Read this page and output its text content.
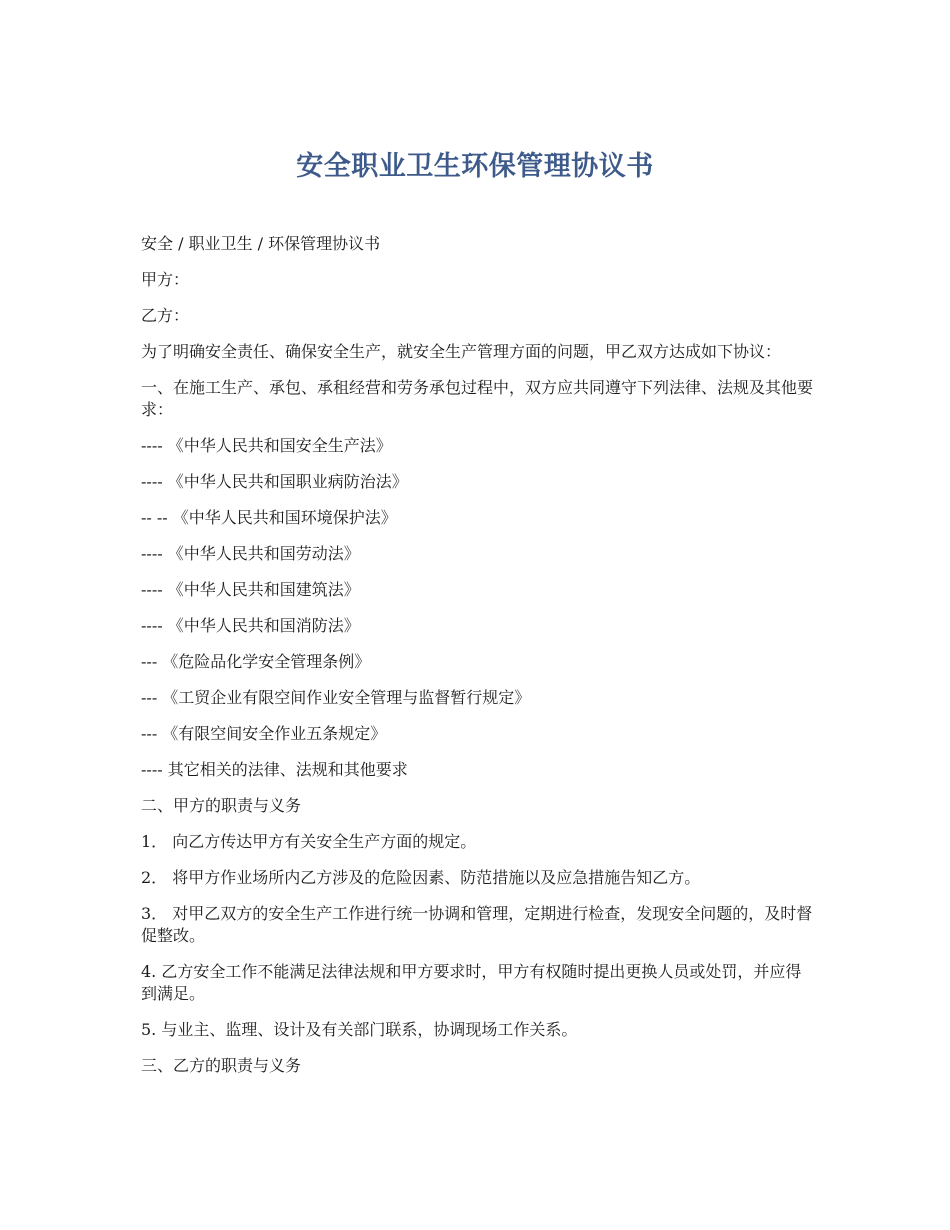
安全职业卫生环保管理协议书

安全 / 职业卫生 / 环保管理协议书

甲方：

乙方：

为了明确安全责任、确保安全生产，就安全生产管理方面的问题，甲乙双方达成如下协议：

一、在施工生产、承包、承租经营和劳务承包过程中，双方应共同遵守下列法律、法规及其他要求：

---- 《中华人民共和国安全生产法》

---- 《中华人民共和国职业病防治法》

-- -- 《中华人民共和国环境保护法》

---- 《中华人民共和国劳动法》

---- 《中华人民共和国建筑法》

---- 《中华人民共和国消防法》

--- 《危险品化学安全管理条例》

--- 《工贸企业有限空间作业安全管理与监督暂行规定》

--- 《有限空间安全作业五条规定》

---- 其它相关的法律、法规和其他要求

二、甲方的职责与义务

1． 向乙方传达甲方有关安全生产方面的规定。

2． 将甲方作业场所内乙方涉及的危险因素、防范措施以及应急措施告知乙方。

3． 对甲乙双方的安全生产工作进行统一协调和管理，定期进行检查，发现安全问题的，及时督促整改。

4. 乙方安全工作不能满足法律法规和甲方要求时，甲方有权随时提出更换人员或处罚，并应得到满足。

5. 与业主、监理、设计及有关部门联系，协调现场工作关系。

三、乙方的职责与义务
